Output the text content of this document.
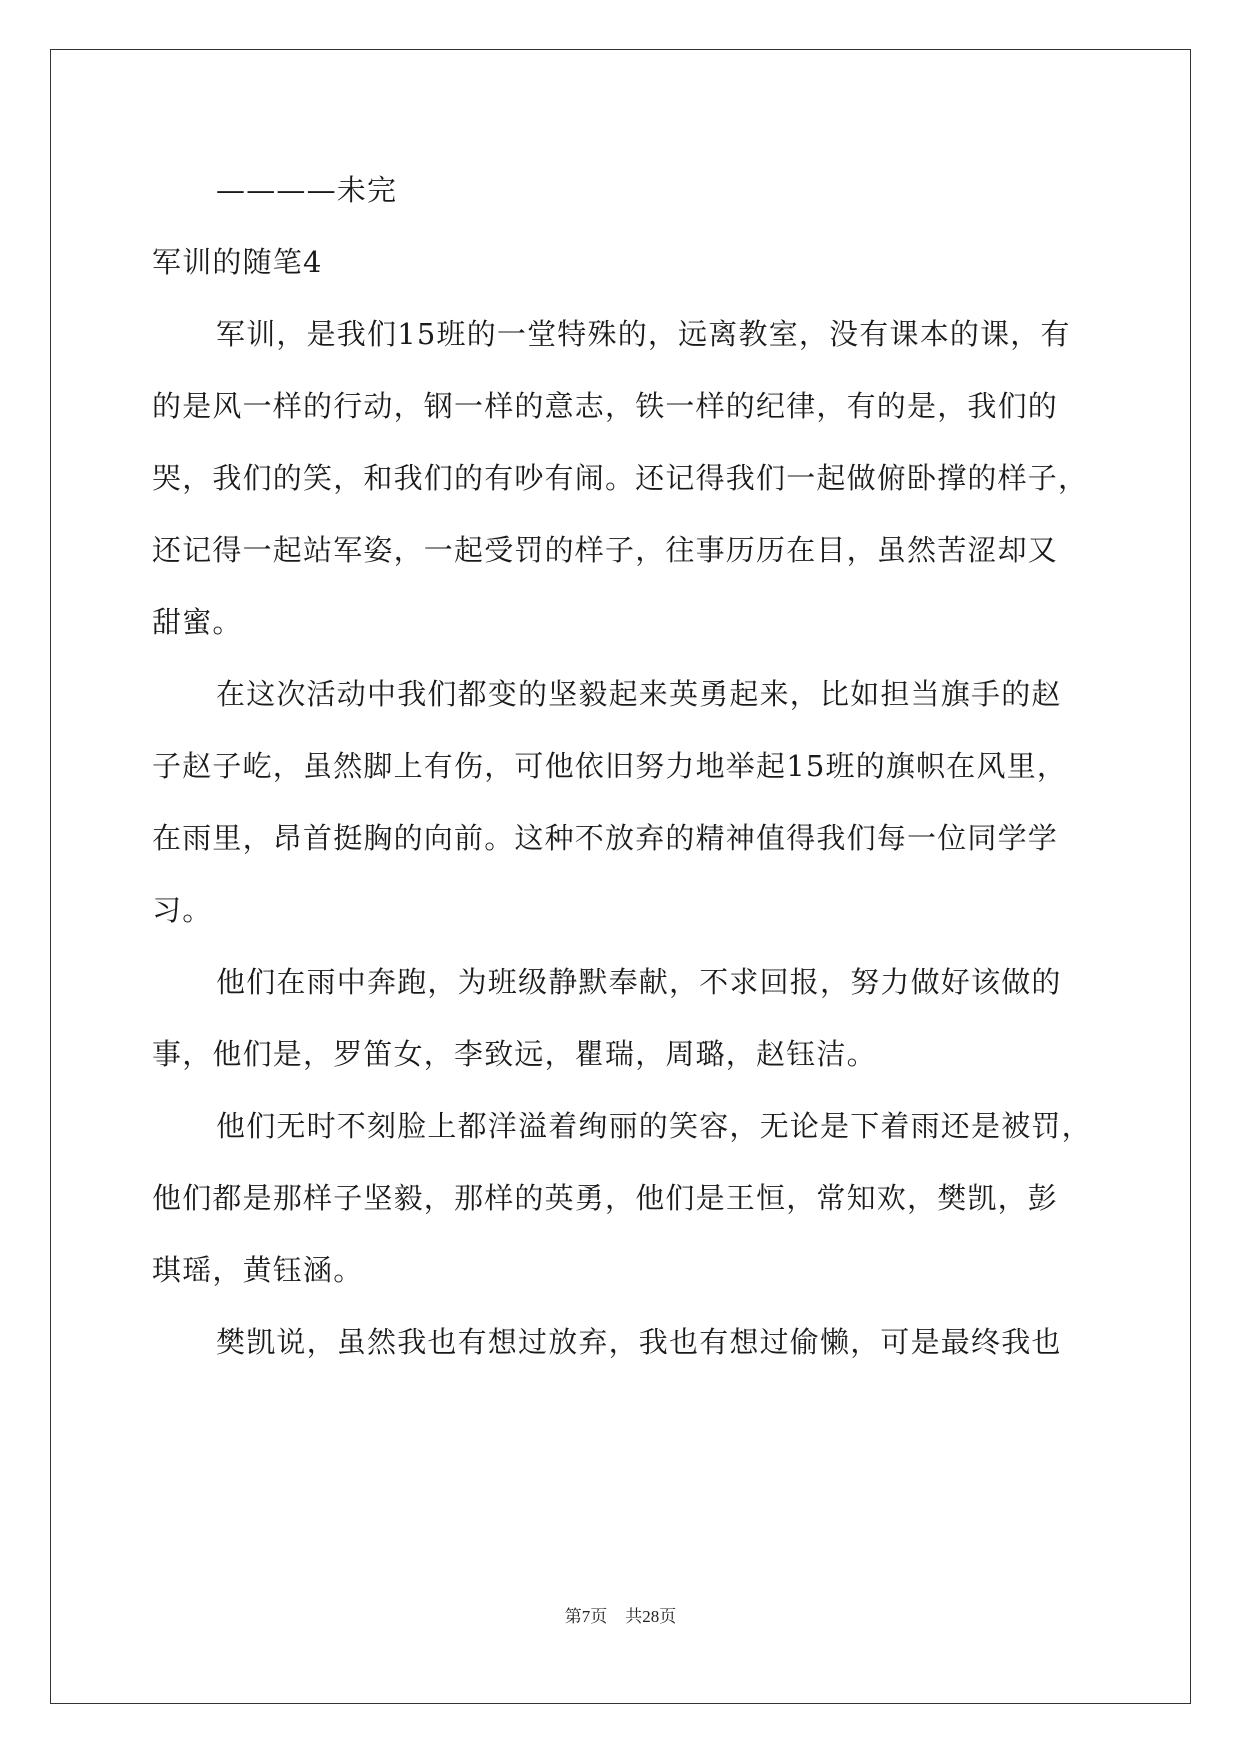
————未完
军训的随笔4
军训，是我们15班的一堂特殊的，远离教室，没有课本的课，有
的是风一样的行动，钢一样的意志，铁一样的纪律，有的是，我们的
哭，我们的笑，和我们的有吵有闹。还记得我们一起做俯卧撑的样子，
还记得一起站军姿，一起受罚的样子，往事历历在目，虽然苦涩却又
甜蜜。
在这次活动中我们都变的坚毅起来英勇起来，比如担当旗手的赵
子赵子屹，虽然脚上有伤，可他依旧努力地举起15班的旗帜在风里，
在雨里，昂首挺胸的向前。这种不放弃的精神值得我们每一位同学学
习。
他们在雨中奔跑，为班级静默奉献，不求回报，努力做好该做的
事，他们是，罗笛女，李致远，瞿瑞，周璐，赵钰洁。
他们无时不刻脸上都洋溢着绚丽的笑容，无论是下着雨还是被罚，
他们都是那样子坚毅，那样的英勇，他们是王恒，常知欢，樊凯，彭
琪瑶，黄钰涵。
樊凯说，虽然我也有想过放弃，我也有想过偷懒，可是最终我也
第7页 共28页
